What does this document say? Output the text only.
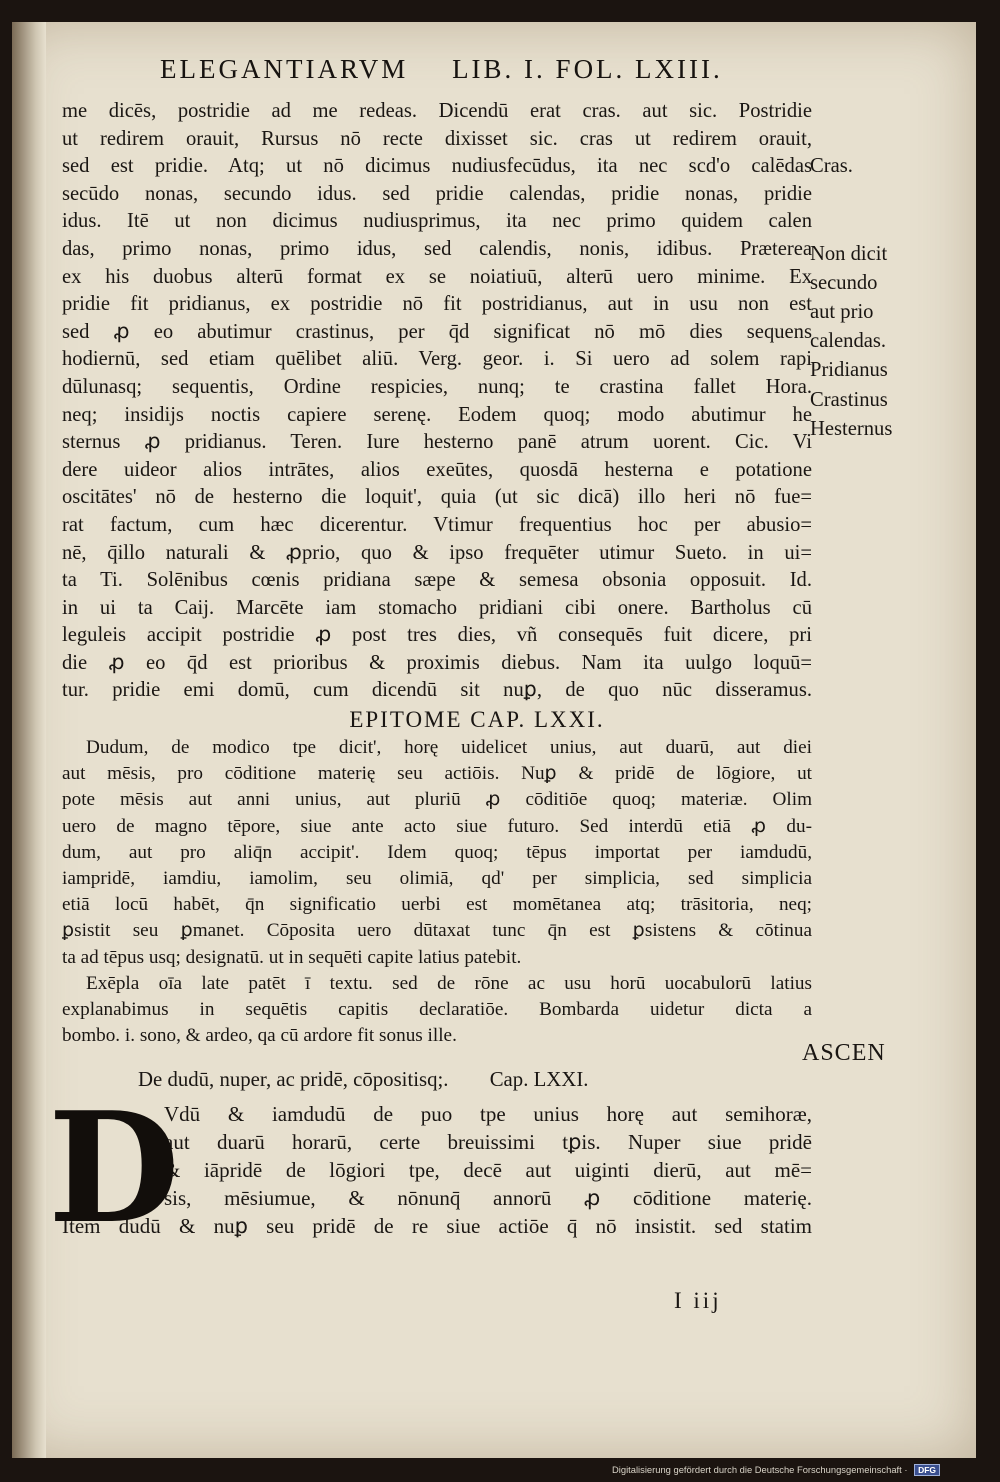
ELEGANTIARVM LIB. I. FOL. LXIII.
me dicēs, postridie ad me redeas. Dicendū erat cras. aut sic. Postridie
ut redirem orauit, Rursus nō recte dixisset sic. cras ut redirem orauit,
sed est pridie. Atq; ut nō dicimus nudiusfecūdus, ita nec scd'o calēdas
secūdo nonas, secundo idus. sed pridie calendas, pridie nonas, pridie
idus. Itē ut non dicimus nudiusprimus, ita nec primo quidem calen
das, primo nonas, primo idus, sed calendis, nonis, idibus. Præterea
ex his duobus alterū format ex se noiatiuū, alterū uero minime. Ex
pridie fit pridianus, ex postridie nō fit postridianus, aut in usu non est
sed ꝓ eo abutimur crastinus, per q̄d significat nō mō dies sequens
hodiernū, sed etiam quēlibet aliū. Verg. geor. i. Si uero ad solem rapi
dūlunasq; sequentis, Ordine respicies, nunq; te crastina fallet Hora.
neq; insidijs noctis capiere serenę. Eodem quoq; modo abutimur he
sternus ꝓ pridianus. Teren. Iure hesterno panē atrum uorent. Cic. Vi
dere uideor alios intrātes, alios exeūtes, quosdā hesterna e potatione
oscitātes' nō de hesterno die loquit', quia (ut sic dicā) illo heri nō fue=
rat factum, cum hæc dicerentur. Vtimur frequentius hoc per abusio=
nē, q̄illo naturali & ꝓprio, quo & ipso frequēter utimur Sueto. in ui=
ta Ti. Solēnibus cœnis pridiana sæpe & semesa obsonia opposuit. Id.
in ui ta Caij. Marcēte iam stomacho pridiani cibi onere. Bartholus cū
leguleis accipit postridie ꝓ post tres dies, vñ consequēs fuit dicere, pri
die ꝓ eo q̄d est prioribus & proximis diebus. Nam ita uulgo loquū=
tur. pridie emi domū, cum dicendū sit nuꝑ, de quo nūc disseramus.
EPITOME CAP. LXXI.
Dudum, de modico tpe dicit', horę uidelicet unius, aut duarū, aut diei
aut mēsis, pro cōditione materię seu actiōis. Nuꝑ & pridē de lōgiore, ut
pote mēsis aut anni unius, aut pluriū ꝓ cōditiōe quoq; materiæ. Olim
uero de magno tēpore, siue ante acto siue futuro. Sed interdū etiā ꝓ du-
dum, aut pro aliq̄n accipit'. Idem quoq; tēpus importat per iamdudū,
iampridē, iamdiu, iamolim, seu olimiā, qd' per simplicia, sed simplicia
etiā locū habēt, q̄n significatio uerbi est momētanea atq; trāsitoria, neq;
ꝑsistit seu ꝑmanet. Cōposita uero dūtaxat tunc q̄n est ꝑsistens & cōtinua
ta ad tēpus usq; designatū. ut in sequēti capite latius patebit.
Exēpla oīa late patēt ī textu. sed de rōne ac usu horū uocabulorū latius
explanabimus in sequētis capitis declaratiōe. Bombarda uidetur dicta a
bombo. i. sono, & ardeo, qa cū ardore fit sonus ille.
De dudū, nuper, ac pridē, cōpositisq;. Cap. LXXI.
D
Vdū & iamdudū de puo tpe unius horę aut semihoræ,
aut duarū horarū, certe breuissimi tꝑis. Nuper siue pridē
& iāpridē de lōgiori tpe, decē aut uiginti dierū, aut mē=
sis, mēsiumue, & nōnunq̄ annorū ꝓ cōditione materię.
Item dudū & nuꝑ seu pridē de re siue actiōe q̄ nō insistit. sed statim
I iij
Cras.
Non dicit
secundo
aut prio
calendas.
Pridianus
Crastinus
Hesternus
ASCEN
Digitalisierung gefördert durch die Deutsche Forschungsgemeinschaft · DFG
